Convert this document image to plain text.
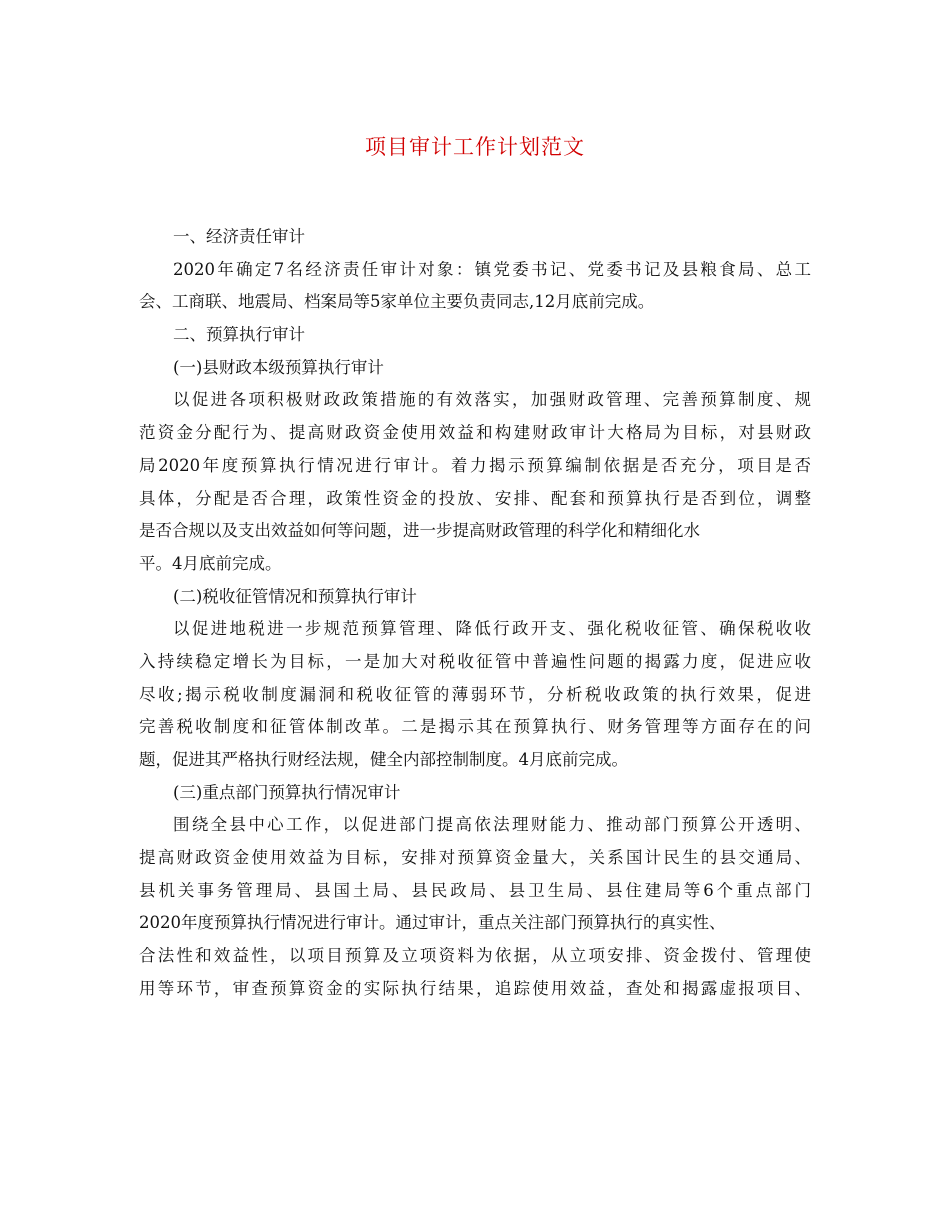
项目审计工作计划范文
一、经济责任审计
2020年确定7名经济责任审计对象：镇党委书记、党委书记及县粮食局、总工
会、工商联、地震局、档案局等5家单位主要负责同志,12月底前完成。
二、预算执行审计
(一)县财政本级预算执行审计
以促进各项积极财政政策措施的有效落实，加强财政管理、完善预算制度、规
范资金分配行为、提高财政资金使用效益和构建财政审计大格局为目标，对县财政
局2020年度预算执行情况进行审计。着力揭示预算编制依据是否充分，项目是否
具体，分配是否合理，政策性资金的投放、安排、配套和预算执行是否到位，调整
是否合规以及支出效益如何等问题，进一步提高财政管理的科学化和精细化水
平。4月底前完成。
(二)税收征管情况和预算执行审计
以促进地税进一步规范预算管理、降低行政开支、强化税收征管、确保税收收
入持续稳定增长为目标，一是加大对税收征管中普遍性问题的揭露力度，促进应收
尽收;揭示税收制度漏洞和税收征管的薄弱环节，分析税收政策的执行效果，促进
完善税收制度和征管体制改革。二是揭示其在预算执行、财务管理等方面存在的问
题，促进其严格执行财经法规，健全内部控制制度。4月底前完成。
(三)重点部门预算执行情况审计
围绕全县中心工作，以促进部门提高依法理财能力、推动部门预算公开透明、
提高财政资金使用效益为目标，安排对预算资金量大，关系国计民生的县交通局、
县机关事务管理局、县国土局、县民政局、县卫生局、县住建局等6个重点部门
2020年度预算执行情况进行审计。通过审计，重点关注部门预算执行的真实性、
合法性和效益性，以项目预算及立项资料为依据，从立项安排、资金拨付、管理使
用等环节，审查预算资金的实际执行结果，追踪使用效益，查处和揭露虚报项目、
